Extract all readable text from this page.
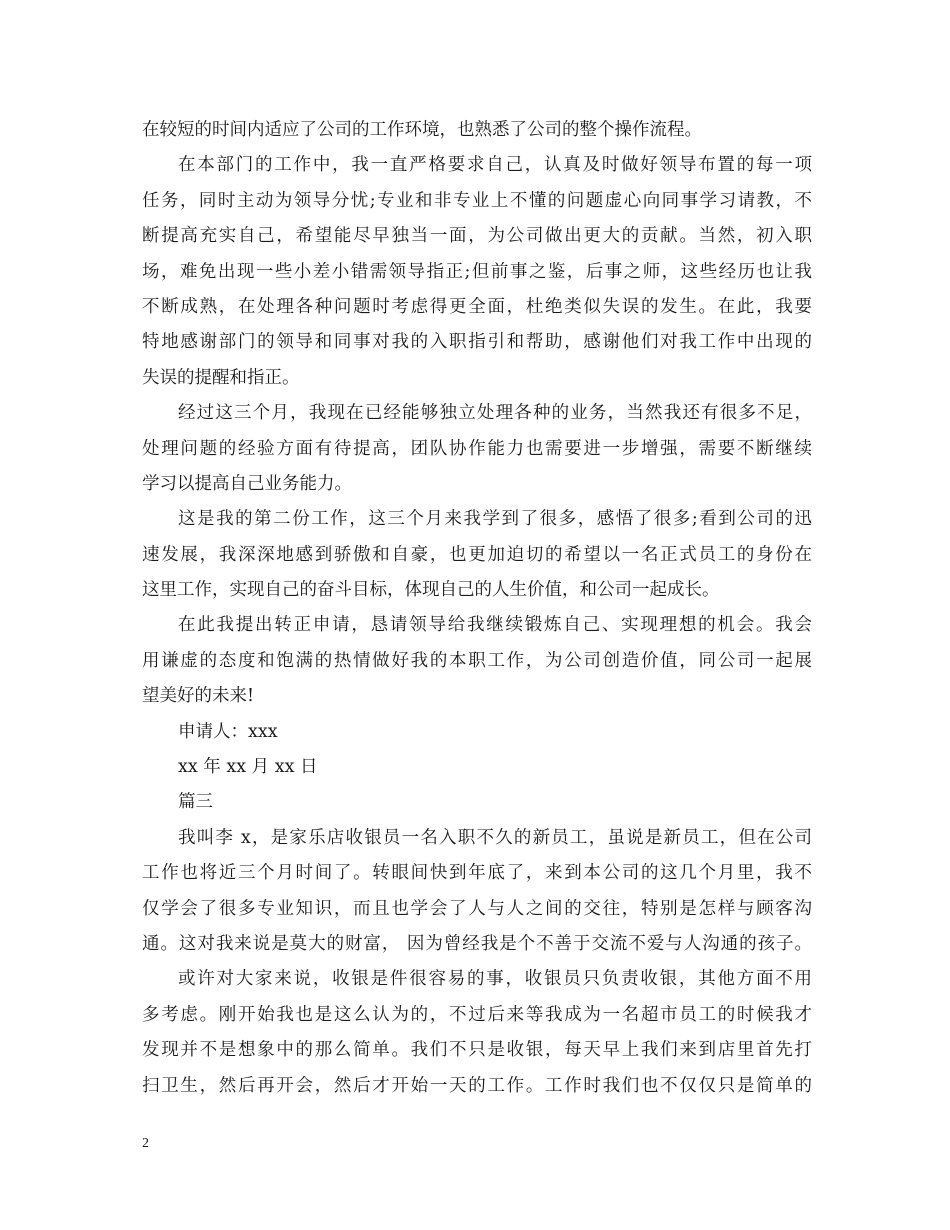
在较短的时间内适应了公司的工作环境，也熟悉了公司的整个操作流程。
在本部门的工作中，我一直严格要求自己，认真及时做好领导布置的每一项
任务，同时主动为领导分忧;专业和非专业上不懂的问题虚心向同事学习请教，不
断提高充实自己，希望能尽早独当一面，为公司做出更大的贡献。当然，初入职
场，难免出现一些小差小错需领导指正;但前事之鉴，后事之师，这些经历也让我
不断成熟，在处理各种问题时考虑得更全面，杜绝类似失误的发生。在此，我要
特地感谢部门的领导和同事对我的入职指引和帮助，感谢他们对我工作中出现的
失误的提醒和指正。
经过这三个月，我现在已经能够独立处理各种的业务，当然我还有很多不足，
处理问题的经验方面有待提高，团队协作能力也需要进一步增强，需要不断继续
学习以提高自己业务能力。
这是我的第二份工作，这三个月来我学到了很多，感悟了很多;看到公司的迅
速发展，我深深地感到骄傲和自豪，也更加迫切的希望以一名正式员工的身份在
这里工作，实现自己的奋斗目标，体现自己的人生价值，和公司一起成长。
在此我提出转正申请，恳请领导给我继续锻炼自己、实现理想的机会。我会
用谦虚的态度和饱满的热情做好我的本职工作，为公司创造价值，同公司一起展
望美好的未来!
申请人：xxx
xx 年 xx 月 xx 日
篇三
我叫李 x，是家乐店收银员一名入职不久的新员工，虽说是新员工，但在公司
工作也将近三个月时间了。转眼间快到年底了，来到本公司的这几个月里，我不
仅学会了很多专业知识，而且也学会了人与人之间的交往，特别是怎样与顾客沟
通。这对我来说是莫大的财富， 因为曾经我是个不善于交流不爱与人沟通的孩子。
或许对大家来说，收银是件很容易的事，收银员只负责收银，其他方面不用
多考虑。刚开始我也是这么认为的，不过后来等我成为一名超市员工的时候我才
发现并不是想象中的那么简单。我们不只是收银，每天早上我们来到店里首先打
扫卫生，然后再开会，然后才开始一天的工作。工作时我们也不仅仅只是简单的
2
